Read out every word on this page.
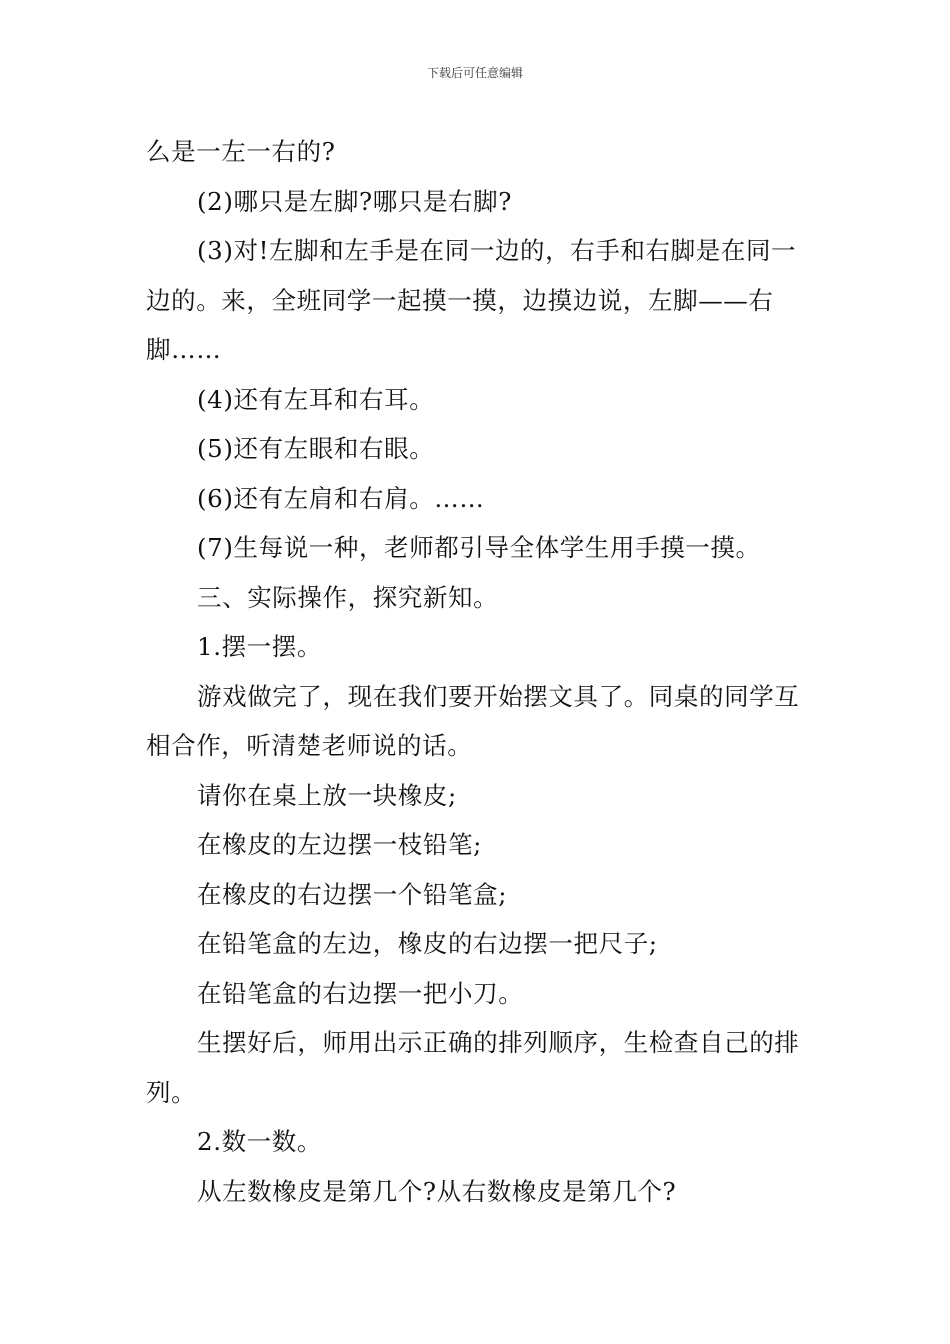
下载后可任意编辑

么是一左一右的?

(2)哪只是左脚?哪只是右脚?

(3)对!左脚和左手是在同一边的，右手和右脚是在同一边的。来，全班同学一起摸一摸，边摸边说，左脚——右脚……

(4)还有左耳和右耳。

(5)还有左眼和右眼。

(6)还有左肩和右肩。……

(7)生每说一种，老师都引导全体学生用手摸一摸。

三、实际操作，探究新知。

1.摆一摆。

游戏做完了，现在我们要开始摆文具了。同桌的同学互相合作，听清楚老师说的话。

请你在桌上放一块橡皮;

在橡皮的左边摆一枝铅笔;

在橡皮的右边摆一个铅笔盒;

在铅笔盒的左边，橡皮的右边摆一把尺子;

在铅笔盒的右边摆一把小刀。

生摆好后，师用出示正确的排列顺序，生检查自己的排列。

2.数一数。

从左数橡皮是第几个?从右数橡皮是第几个?
